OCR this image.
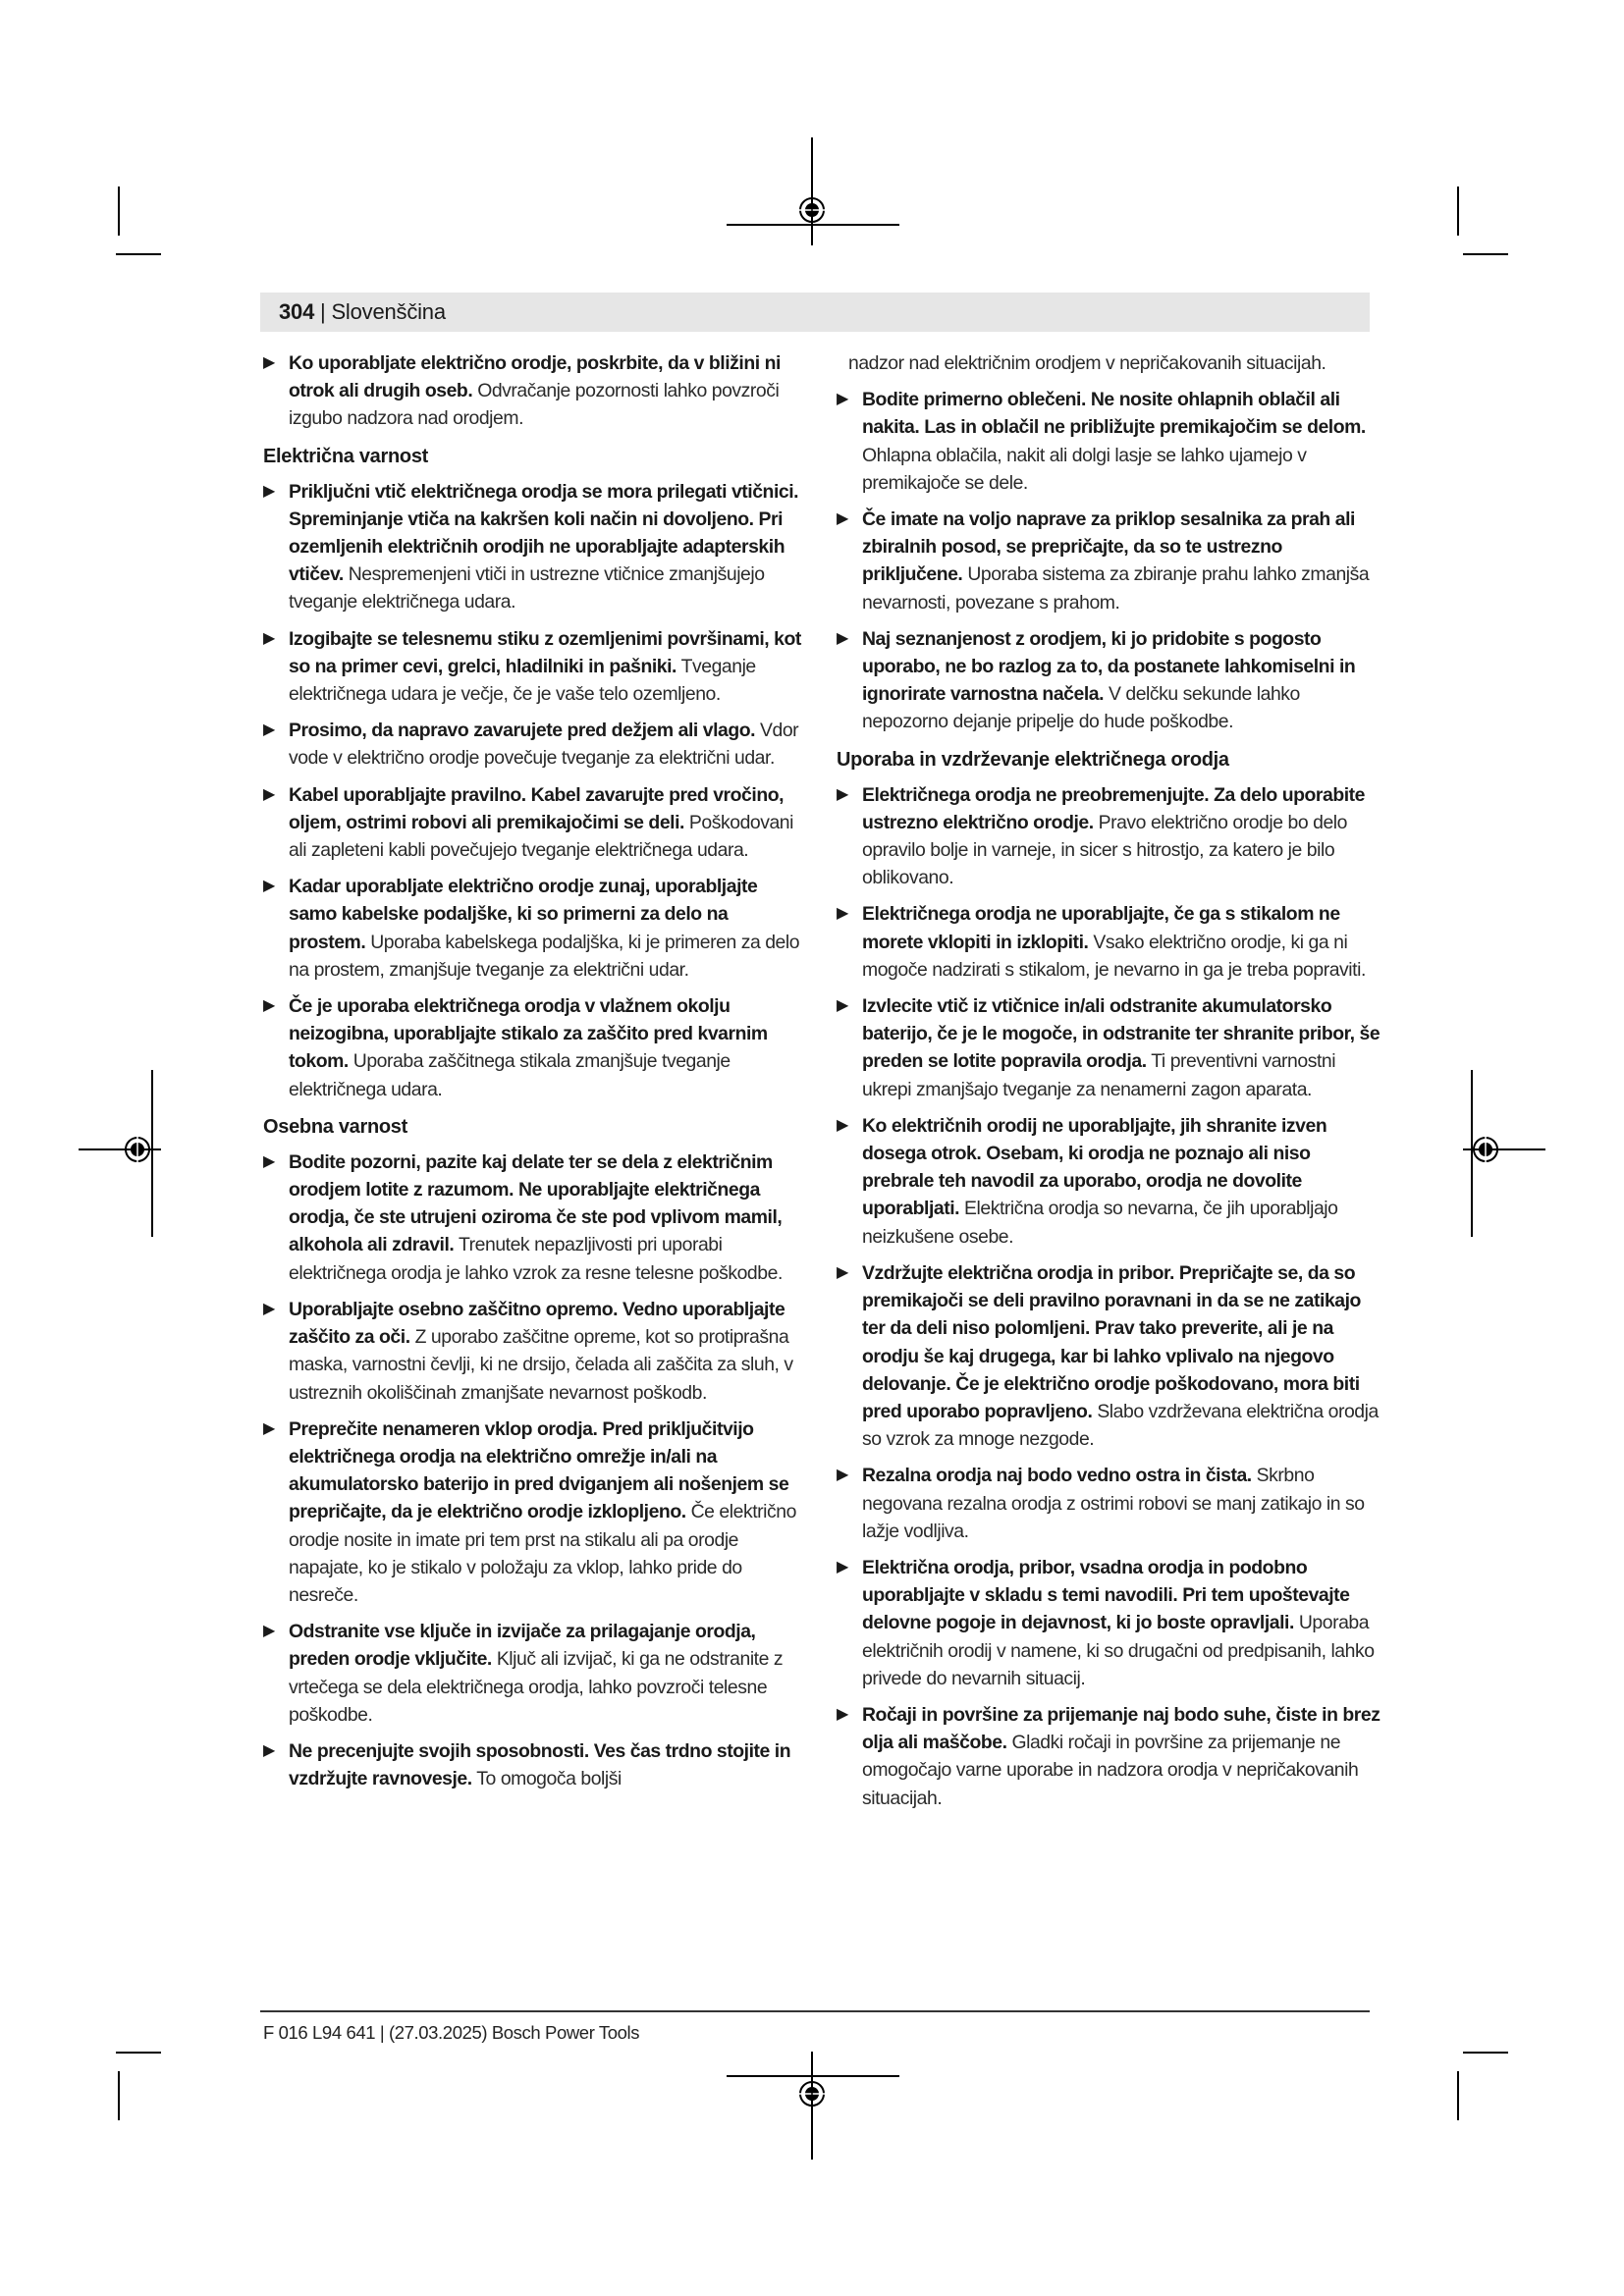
304 | Slovenščina
▶ Ko uporabljate električno orodje, poskrbite, da v bližini ni otrok ali drugih oseb. Odvračanje pozornosti lahko povzroči izgubo nadzora nad orodjem.
Električna varnost
▶ Priključni vtič električnega orodja se mora prilegati vtičnici. Spreminjanje vtiča na kakršen koli način ni dovoljeno. Pri ozemljenih električnih orodjih ne uporabljajte adapterskih vtičev. Nespremenjeni vtiči in ustrezne vtičnice zmanjšujejo tveganje električnega udara.
▶ Izogibajte se telesnemu stiku z ozemljenimi površinami, kot so na primer cevi, grelci, hladilniki in pašniki. Tveganje električnega udara je večje, če je vaše telo ozemljeno.
▶ Prosimo, da napravo zavarujete pred dežjem ali vlago. Vdor vode v električno orodje povečuje tveganje za električni udar.
▶ Kabel uporabljajte pravilno. Kabel zavarujte pred vročino, oljem, ostrimi robovi ali premikajočimi se deli. Poškodovani ali zapleteni kabli povečujejo tveganje električnega udara.
▶ Kadar uporabljate električno orodje zunaj, uporabljajte samo kabelske podaljške, ki so primerni za delo na prostem. Uporaba kabelskega podaljška, ki je primeren za delo na prostem, zmanjšuje tveganje za električni udar.
▶ Če je uporaba električnega orodja v vlažnem okolju neizogibna, uporabljajte stikalo za zaščito pred kvarnim tokom. Uporaba zaščitnega stikala zmanjšuje tveganje električnega udara.
Osebna varnost
▶ Bodite pozorni, pazite kaj delate ter se dela z električnim orodjem lotite z razumom. Ne uporabljajte električnega orodja, če ste utrujeni oziroma če ste pod vplivom mamil, alkohola ali zdravil. Trenutek nepazljivosti pri uporabi električnega orodja je lahko vzrok za resne telesne poškodbe.
▶ Uporabljajte osebno zaščitno opremo. Vedno uporabljajte zaščito za oči. Z uporabo zaščitne opreme, kot so protiprašna maska, varnostni čevlji, ki ne drsijo, čelada ali zaščita za sluh, v ustreznih okoliščinah zmanjšate nevarnost poškodb.
▶ Preprečite nenameren vklop orodja. Pred priključitvijo električnega orodja na električno omrežje in/ali na akumulatorsko baterijo in pred dviganjem ali nošenjem se prepričajte, da je električno orodje izklopljeno. Če električno orodje nosite in imate pri tem prst na stikalu ali pa orodje napajate, ko je stikalo v položaju za vklop, lahko pride do nesreče.
▶ Odstranite vse ključe in izvijače za prilagajanje orodja, preden orodje vključite. Ključ ali izvijač, ki ga ne odstranite z vrtečega se dela električnega orodja, lahko povzroči telesne poškodbe.
▶ Ne precenjujte svojih sposobnosti. Ves čas trdno stojite in vzdržujte ravnovesje. To omogoča boljši
nadzor nad električnim orodjem v nepričakovanih situacijah.
▶ Bodite primerno oblečeni. Ne nosite ohlapnih oblačil ali nakita. Las in oblačil ne približujte premikajočim se delom. Ohlapna oblačila, nakit ali dolgi lasje se lahko ujamejo v premikajoče se dele.
▶ Če imate na voljo naprave za priklop sesalnika za prah ali zbiralnih posod, se prepričajte, da so te ustrezno priključene. Uporaba sistema za zbiranje prahu lahko zmanjša nevarnosti, povezane s prahom.
▶ Naj seznanjenost z orodjem, ki jo pridobite s pogosto uporabo, ne bo razlog za to, da postanete lahkomiselni in ignorirate varnostna načela. V delčku sekunde lahko nepozorno dejanje pripelje do hude poškodbe.
Uporaba in vzdrževanje električnega orodja
▶ Električnega orodja ne preobremenjujte. Za delo uporabite ustrezno električno orodje. Pravo električno orodje bo delo opravilo bolje in varneje, in sicer s hitrostjo, za katero je bilo oblikovano.
▶ Električnega orodja ne uporabljajte, če ga s stikalom ne morete vklopiti in izklopiti. Vsako električno orodje, ki ga ni mogoče nadzirati s stikalom, je nevarno in ga je treba popraviti.
▶ Izvlecite vtič iz vtičnice in/ali odstranite akumulatorsko baterijo, če je le mogoče, in odstranite ter shranite pribor, še preden se lotite popravila orodja. Ti preventivni varnostni ukrepi zmanjšajo tveganje za nenamerni zagon aparata.
▶ Ko električnih orodij ne uporabljajte, jih shranite izven dosega otrok. Osebam, ki orodja ne poznajo ali niso prebrale teh navodil za uporabo, orodja ne dovolite uporabljati. Električna orodja so nevarna, če jih uporabljajo neizkušene osebe.
▶ Vzdržujte električna orodja in pribor. Prepričajte se, da so premikajoči se deli pravilno poravnani in da se ne zatikajo ter da deli niso polomljeni. Prav tako preverite, ali je na orodju še kaj drugega, kar bi lahko vplivalo na njegovo delovanje. Če je električno orodje poškodovano, mora biti pred uporabo popravljeno. Slabo vzdrževana električna orodja so vzrok za mnoge nezgode.
▶ Rezalna orodja naj bodo vedno ostra in čista. Skrbno negovana rezalna orodja z ostrimi robovi se manj zatikajo in so lažje vodljiva.
▶ Električna orodja, pribor, vsadna orodja in podobno uporabljajte v skladu s temi navodili. Pri tem upoštevajte delovne pogoje in dejavnost, ki jo boste opravljali. Uporaba električnih orodij v namene, ki so drugačni od predpisanih, lahko privede do nevarnih situacij.
▶ Ročaji in površine za prijemanje naj bodo suhe, čiste in brez olja ali maščobe. Gladki ročaji in površine za prijemanje ne omogočajo varne uporabe in nadzora orodja v nepričakovanih situacijah.
F 016 L94 641 | (27.03.2025) Bosch Power Tools
